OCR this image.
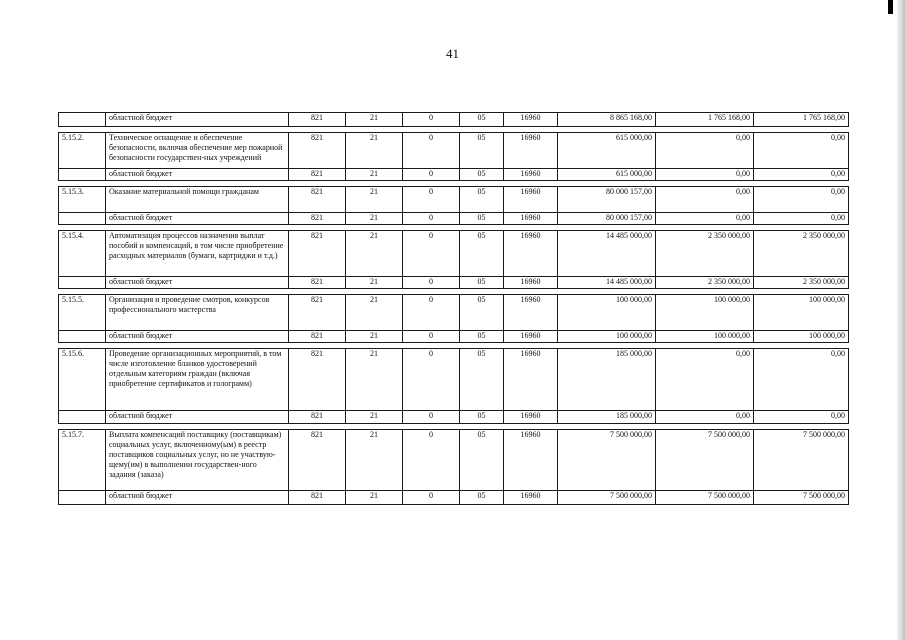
41
	областной бюджет	821	21	0	05	16960	8 865 168,00	1 765 168,00	1 765 168,00

5.15.2.	Техническое оснащение и обеспечение безопасности, включая обеспечение мер пожарной безопасности государствен-ных учреждений	821	21	0	05	16960	615 000,00	0,00	0,00
	областной бюджет	821	21	0	05	16960	615 000,00	0,00	0,00

5.15.3.	Оказание материальной помощи гражданам	821	21	0	05	16960	80 000 157,00	0,00	0,00
	областной бюджет	821	21	0	05	16960	80 000 157,00	0,00	0,00

5.15.4.	Автоматизация процессов назначения выплат пособий и компенсаций, в том числе приобретение расходных материалов (бумаги, картриджи и т.д.)	821	21	0	05	16960	14 485 000,00	2 350 000,00	2 350 000,00
	областной бюджет	821	21	0	05	16960	14 485 000,00	2 350 000,00	2 350 000,00

5.15.5.	Организация и проведение смотров, конкурсов профессионального мастерства	821	21	0	05	16960	100 000,00	100 000,00	100 000,00
	областной бюджет	821	21	0	05	16960	100 000,00	100 000,00	100 000,00

5.15.6.	Проведение организационных мероприятий, в том числе изготовление бланков удостоверений отдельным категориям граждан (включая приобретение сертификатов и голограмм)	821	21	0	05	16960	185 000,00	0,00	0,00
	областной бюджет	821	21	0	05	16960	185 000,00	0,00	0,00

5.15.7.	Выплата компенсаций поставщику (поставщикам) социальных услуг, включенному(ым) в реестр поставщиков социальных услуг, но не участвую-щему(им) в выполнении государствен-ного задания (заказа)	821	21	0	05	16960	7 500 000,00	7 500 000,00	7 500 000,00
	областной бюджет	821	21	0	05	16960	7 500 000,00	7 500 000,00	7 500 000,00
